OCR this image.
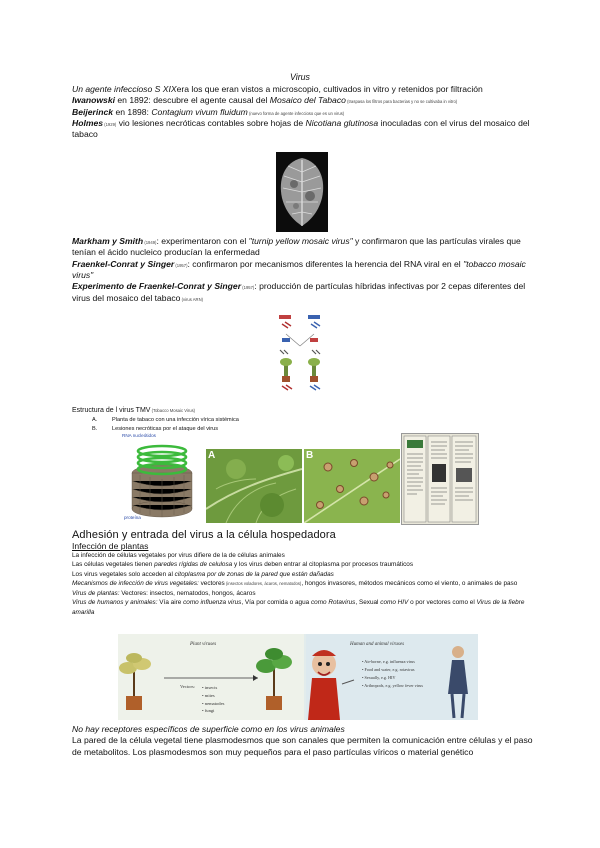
Virus
Un agente infeccioso S XIXera los que eran vistos a microscopio, cultivados in vitro y retenidos por filtración
Iwanowski en 1892: descubre el agente causal del Mosaico del Tabaco (traspasa los filtros para bacterias y no se cultivaba in vitro)
Beijerinck en 1898: Contagium vivum fluidum (nuevo forma de agente infeccioso que es un virus)
Holmes (1929) vio lesiones necróticas contables sobre hojas de Nicotiana glutinosa inoculadas con el virus del mosaico del tabaco
Markham y Smith (1949): experimentaron con el "turnip yellow mosaic virus" y confirmaron que las partículas virales que tenían el ácido nucleico producían la enfermedad
Fraenkel-Conrat y Singer (1957): confirmaron por mecanismos diferentes la herencia del RNA viral en el "tobacco mosaic virus"
Experimento de Fraenkel-Conrat y Singer (1957): producción de partículas híbridas infectivas por 2 cepas diferentes del virus del mosaico del tabaco (virus ARN)
Estructura de l virus TMV (Tobacco Mosaic Virus)
A.	Planta de tabaco con una infección vírica sistémica
B.	Lesiones necróticas por el ataque del virus
RNA nucleótidos
proteína
A	B
Adhesión y entrada del virus a la célula hospedadora
Infección de plantas
La infección de células vegetales por virus difiere de la de células animales
Las células vegetales tienen paredes rígidas de celulosa y los virus deben entrar al citoplasma por procesos traumáticos
Los virus vegetales solo acceden al citoplasma por de zonas de la pared que están dañadas
Mecanismos de infección de virus vegetales: vectores (insectos voladores, ácaros, nematodos), hongos invasores, métodos mecánicos como el viento, o animales de paso
Virus de plantas: Vectores: insectos, nematodos, hongos, ácaros
Virus de humanos y animales: Vía aire como influenza virus, Vía por comida o agua como Rotavirus, Sexual como HIV o por vectores como el Virus de la fiebre amarilla
Plant viruses
Vectors: • insects
• mites
• nematodes
• fungi
Human and animal viruses
• Air-borne, e.g. influenza virus
• Food and water, e.g. rotavirus
• Sexually, e.g. HIV
• Arthropods, e.g. yellow fever virus
No hay receptores específicos de superficie como en los virus animales
La pared de la célula vegetal tiene plasmodesmos que son canales que permiten la comunicación entre células y el paso de metabolitos. Los plasmodesmos son muy pequeños para el paso partículas víricos o material genético
